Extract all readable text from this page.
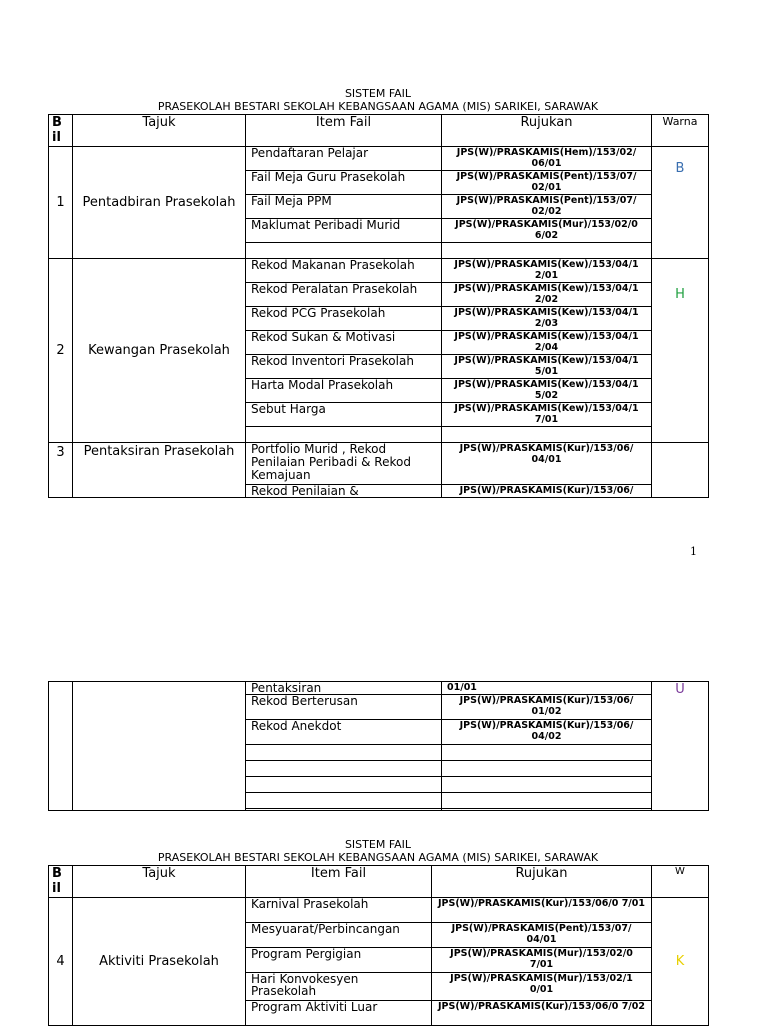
SISTEM FAIL
PRASEKOLAH BESTARI SEKOLAH KEBANGSAAN AGAMA (MIS) SARIKEI, SARAWAK
B il	Tajuk	Item Fail	Rujukan	Warna
1	Pentadbiran Prasekolah	Pendaftaran Pelajar	JPS(W)/PRASKAMIS(Hem)/153/02/ 06/01	B
		Fail Meja Guru Prasekolah	JPS(W)/PRASKAMIS(Pent)/153/07/ 02/01	
		Fail Meja PPM	JPS(W)/PRASKAMIS(Pent)/153/07/ 02/02	
		Maklumat Peribadi Murid	JPS(W)/PRASKAMIS(Mur)/153/02/0 6/02	

2	Kewangan Prasekolah	Rekod Makanan Prasekolah	JPS(W)/PRASKAMIS(Kew)/153/04/1 2/01	H
		Rekod Peralatan Prasekolah	JPS(W)/PRASKAMIS(Kew)/153/04/1 2/02	
		Rekod PCG Prasekolah	JPS(W)/PRASKAMIS(Kew)/153/04/1 2/03	
		Rekod Sukan & Motivasi	JPS(W)/PRASKAMIS(Kew)/153/04/1 2/04	
		Rekod Inventori Prasekolah	JPS(W)/PRASKAMIS(Kew)/153/04/1 5/01	
		Harta Modal Prasekolah	JPS(W)/PRASKAMIS(Kew)/153/04/1 5/02	
		Sebut Harga	JPS(W)/PRASKAMIS(Kew)/153/04/1 7/01	

3	Pentaksiran Prasekolah	Portfolio Murid , Rekod Penilaian Peribadi & Rekod Kemajuan	JPS(W)/PRASKAMIS(Kur)/153/06/ 04/01	
		Rekod Penilaian &	JPS(W)/PRASKAMIS(Kur)/153/06/	
1
		Pentaksiran	01/01	U
		Rekod Berterusan	JPS(W)/PRASKAMIS(Kur)/153/06/ 01/02	
		Rekod Anekdot	JPS(W)/PRASKAMIS(Kur)/153/06/ 04/02	

SISTEM FAIL
PRASEKOLAH BESTARI SEKOLAH KEBANGSAAN AGAMA (MIS) SARIKEI, SARAWAK
B il	Tajuk	Item Fail	Rujukan	W
4	Aktiviti Prasekolah	Karnival Prasekolah	JPS(W)/PRASKAMIS(Kur)/153/06/0 7/01	K
		Mesyuarat/Perbincangan	JPS(W)/PRASKAMIS(Pent)/153/07/ 04/01	
		Program Pergigian	JPS(W)/PRASKAMIS(Mur)/153/02/0 7/01	
		Hari Konvokesyen Prasekolah	JPS(W)/PRASKAMIS(Mur)/153/02/1 0/01	
		Program Aktiviti Luar	JPS(W)/PRASKAMIS(Kur)/153/06/0 7/02	
